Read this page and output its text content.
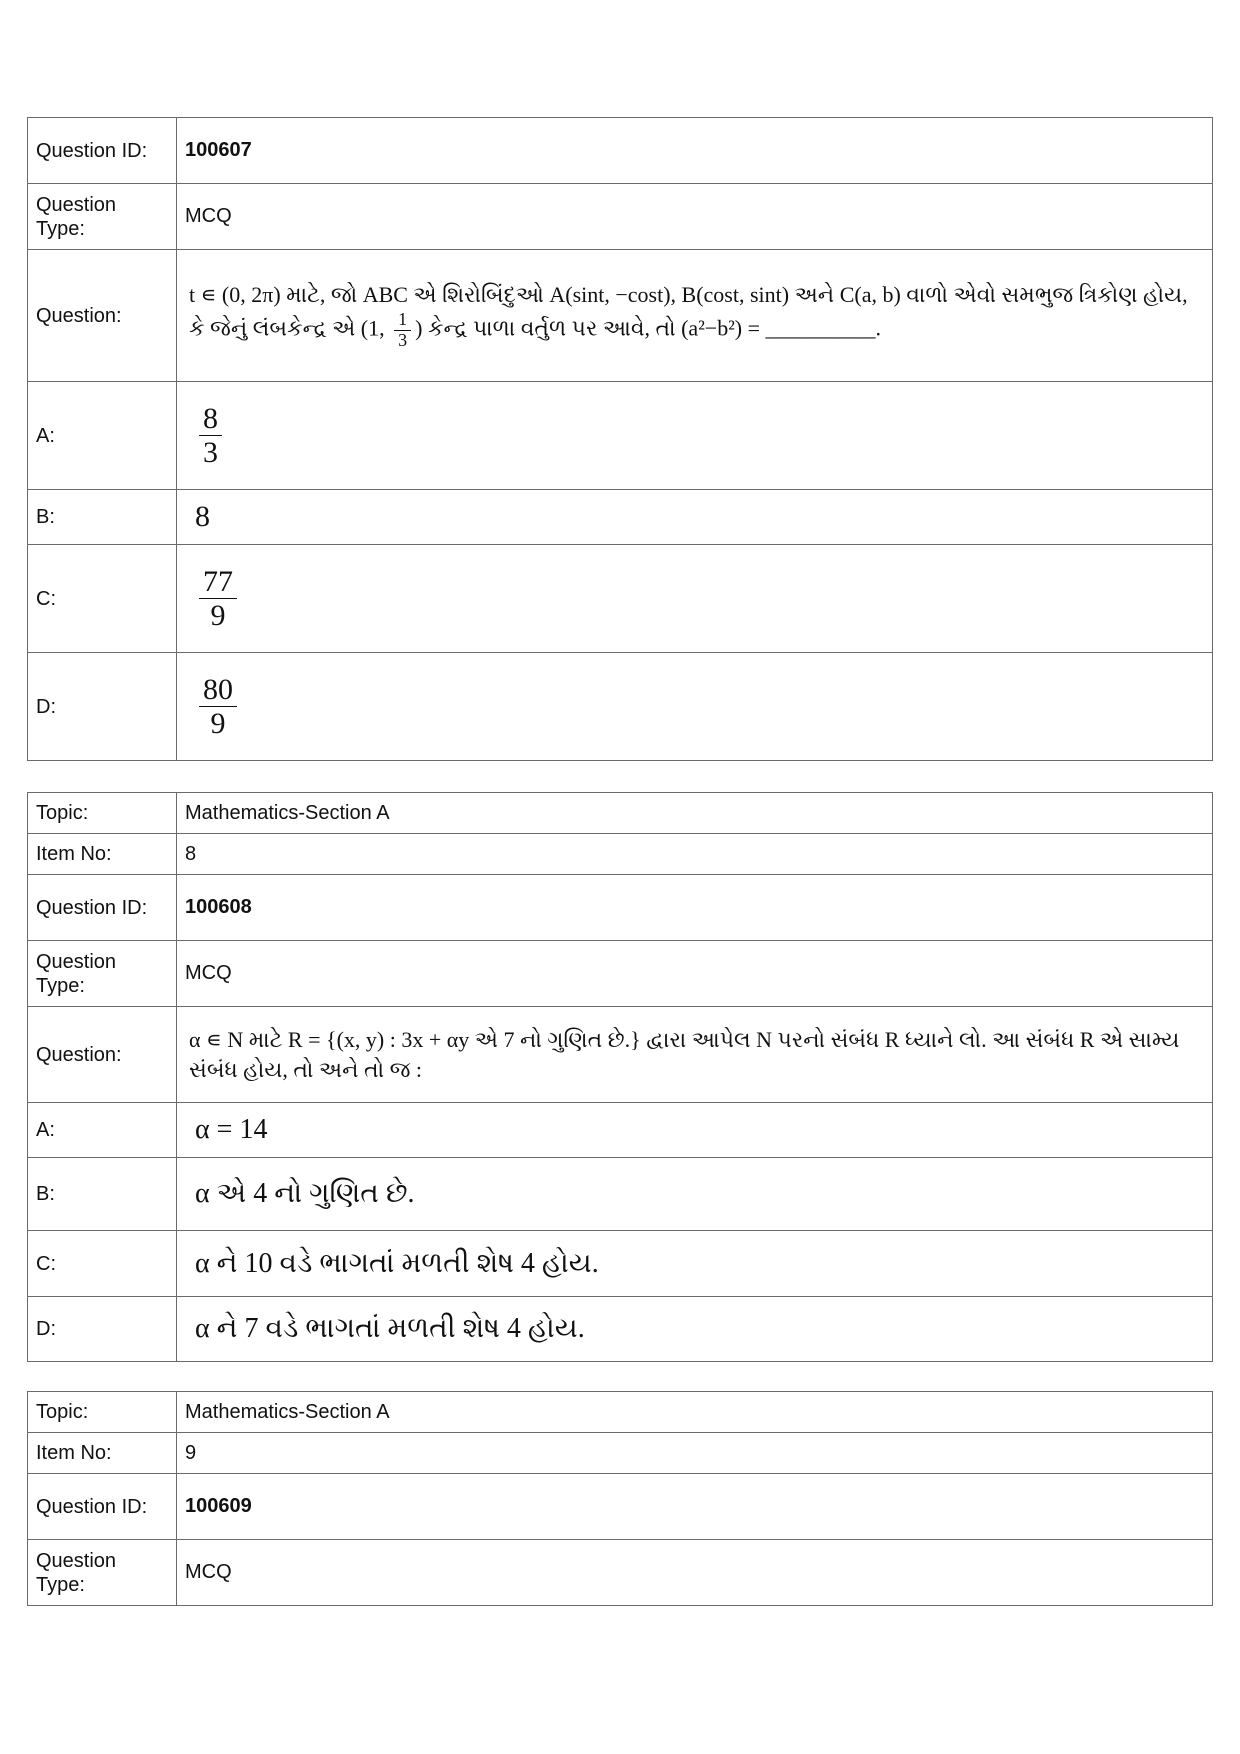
Question ID:	100607
Question Type:	MCQ
Question:	t ∊ (0, 2π) માટે, જો ABC એ શિરોબિંદુઓ A(sint, −cost), B(cost, sint) અને C(a, b) વાળો એવો સમભુજ ત્રિકોણ હોય, કે જેનું લંબકેન્દ્ર એ (1, $\frac{1}{3}$ ) કેન્દ્ર પાળા વર્તુળ પર આવે, તો (a²−b²) = __________.
A:	$\frac{8}{3}$

B:	8
C:	$\frac{77}{9}$

D:	$\frac{80}{9}$
Topic:	Mathematics-Section A
Item No:	8
Question ID:	100608
Question Type:	MCQ
Question:	α ∊ N માટે R = {(x, y) : 3x + αy એ 7 નો ગુણિત છે.} દ્વારા આપેલ N પરનો સંબંધ R ધ્યાને લો. આ સંબંધ R એ સામ્ય સંબંધ હોય, તો અને તો જ :
A:	α = 14
B:	α એ 4 નો ગુણિત છે.
C:	α ને 10 વડે ભાગતાં મળતી શેષ 4 હોય.
D:	α ને 7 વડે ભાગતાં મળતી શેષ 4 હોય.
Topic:	Mathematics-Section A
Item No:	9
Question ID:	100609
Question Type:	MCQ
